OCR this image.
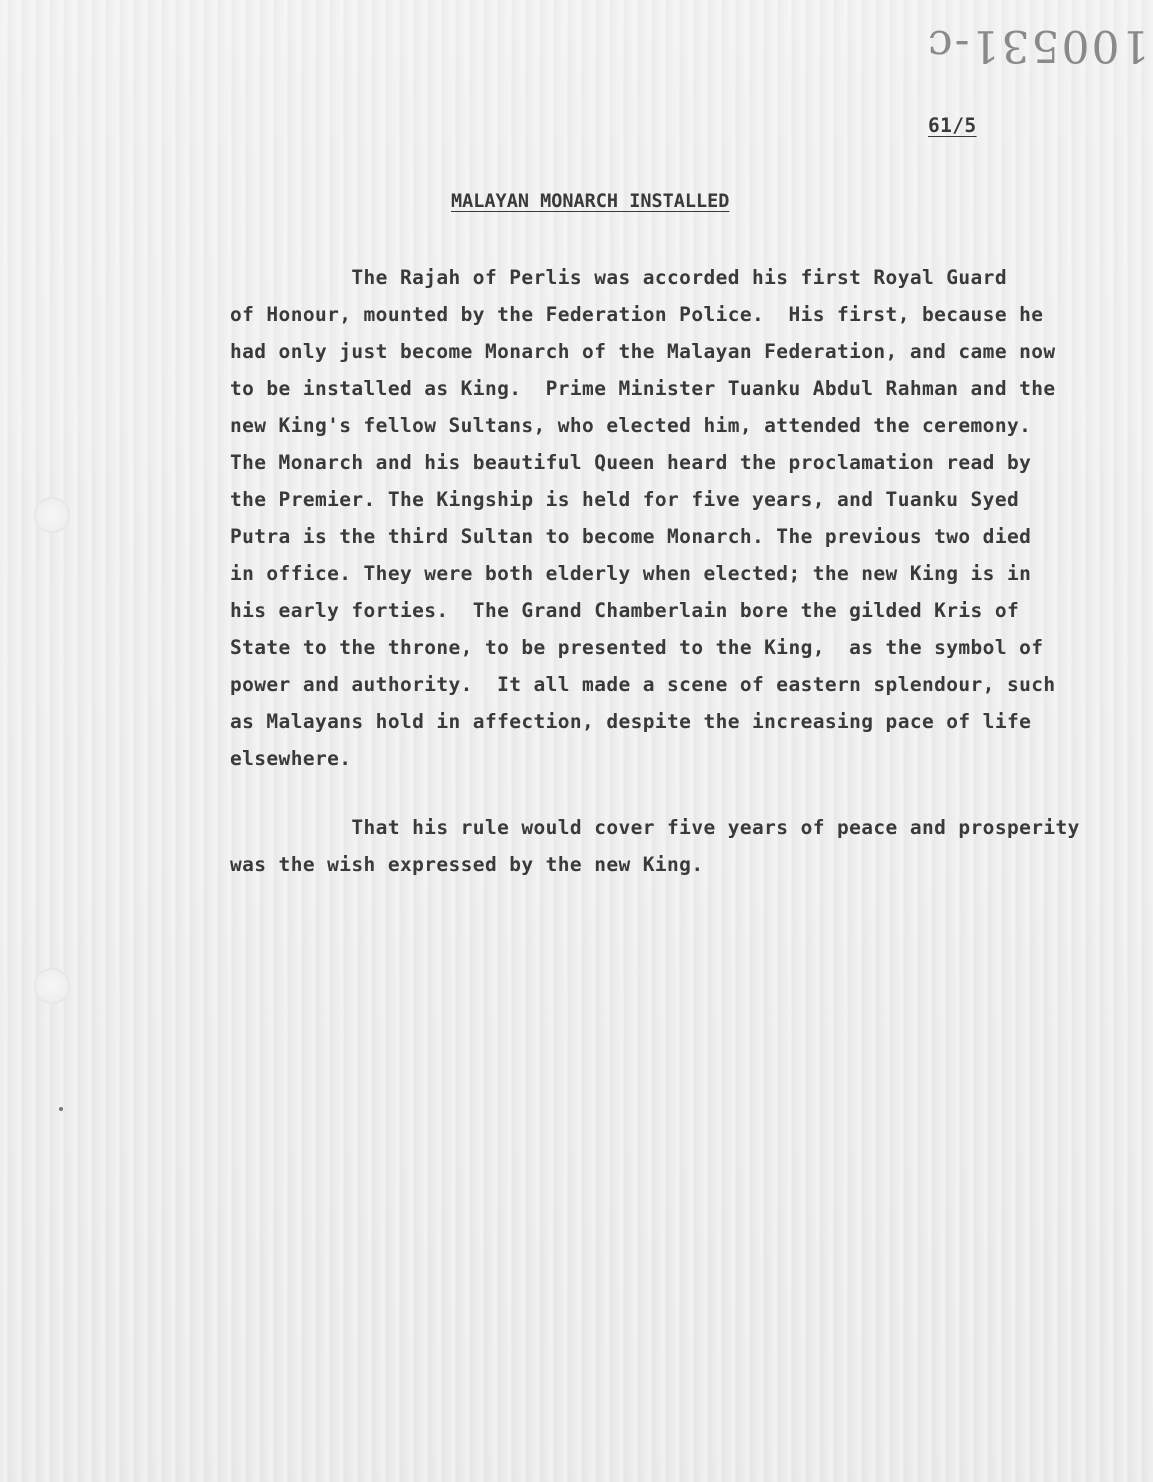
100531-c
61/5
MALAYAN MONARCH INSTALLED
The Rajah of Perlis was accorded his first Royal Guard
of Honour, mounted by the Federation Police.  His first, because he
had only just become Monarch of the Malayan Federation, and came now
to be installed as King.  Prime Minister Tuanku Abdul Rahman and the
new King's fellow Sultans, who elected him, attended the ceremony.
The Monarch and his beautiful Queen heard the proclamation read by
the Premier. The Kingship is held for five years, and Tuanku Syed
Putra is the third Sultan to become Monarch. The previous two died
in office. They were both elderly when elected; the new King is in
his early forties.  The Grand Chamberlain bore the gilded Kris of
State to the throne, to be presented to the King,  as the symbol of
power and authority.  It all made a scene of eastern splendour, such
as Malayans hold in affection, despite the increasing pace of life
elsewhere.
That his rule would cover five years of peace and prosperity
was the wish expressed by the new King.
